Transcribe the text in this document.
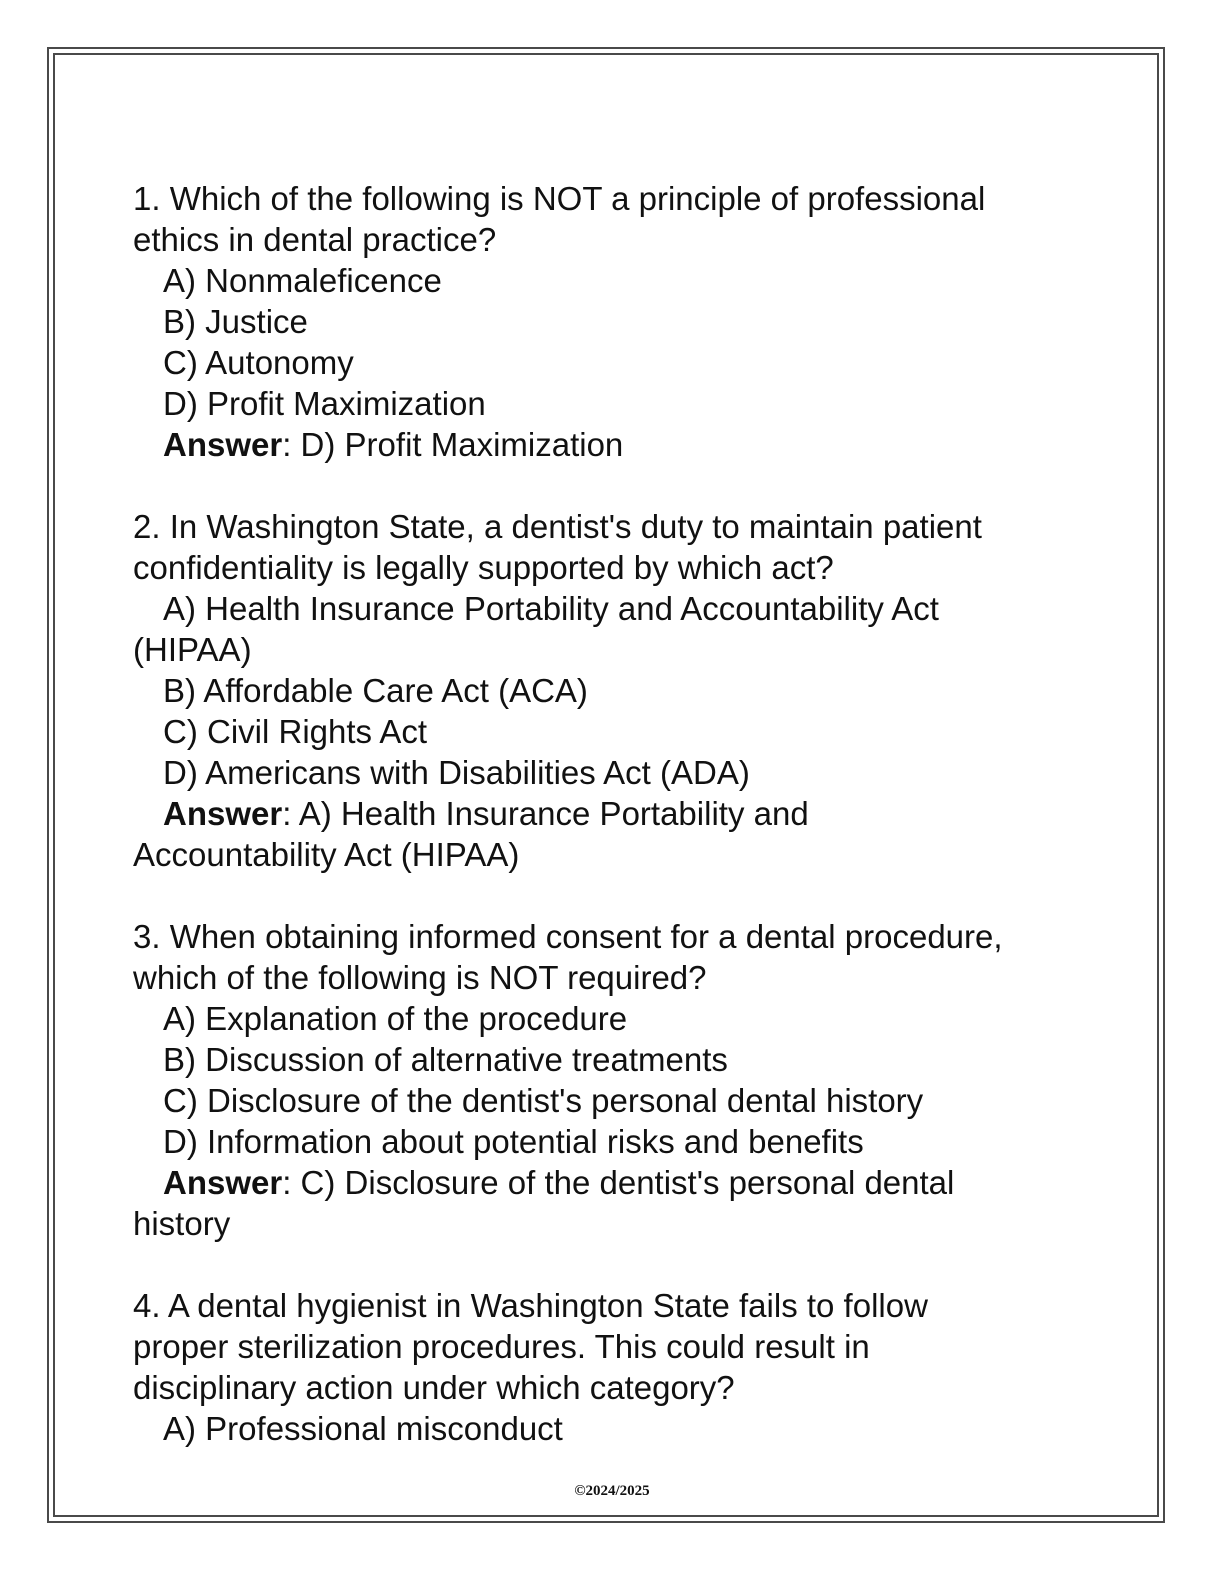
1. Which of the following is NOT a principle of professional
ethics in dental practice?
A) Nonmaleficence
B) Justice
C) Autonomy
D) Profit Maximization
Answer: D) Profit Maximization
2. In Washington State, a dentist's duty to maintain patient
confidentiality is legally supported by which act?
A) Health Insurance Portability and Accountability Act
(HIPAA)
B) Affordable Care Act (ACA)
C) Civil Rights Act
D) Americans with Disabilities Act (ADA)
Answer: A) Health Insurance Portability and
Accountability Act (HIPAA)
3. When obtaining informed consent for a dental procedure,
which of the following is NOT required?
A) Explanation of the procedure
B) Discussion of alternative treatments
C) Disclosure of the dentist's personal dental history
D) Information about potential risks and benefits
Answer: C) Disclosure of the dentist's personal dental
history
4. A dental hygienist in Washington State fails to follow
proper sterilization procedures. This could result in
disciplinary action under which category?
A) Professional misconduct
©2024/2025
